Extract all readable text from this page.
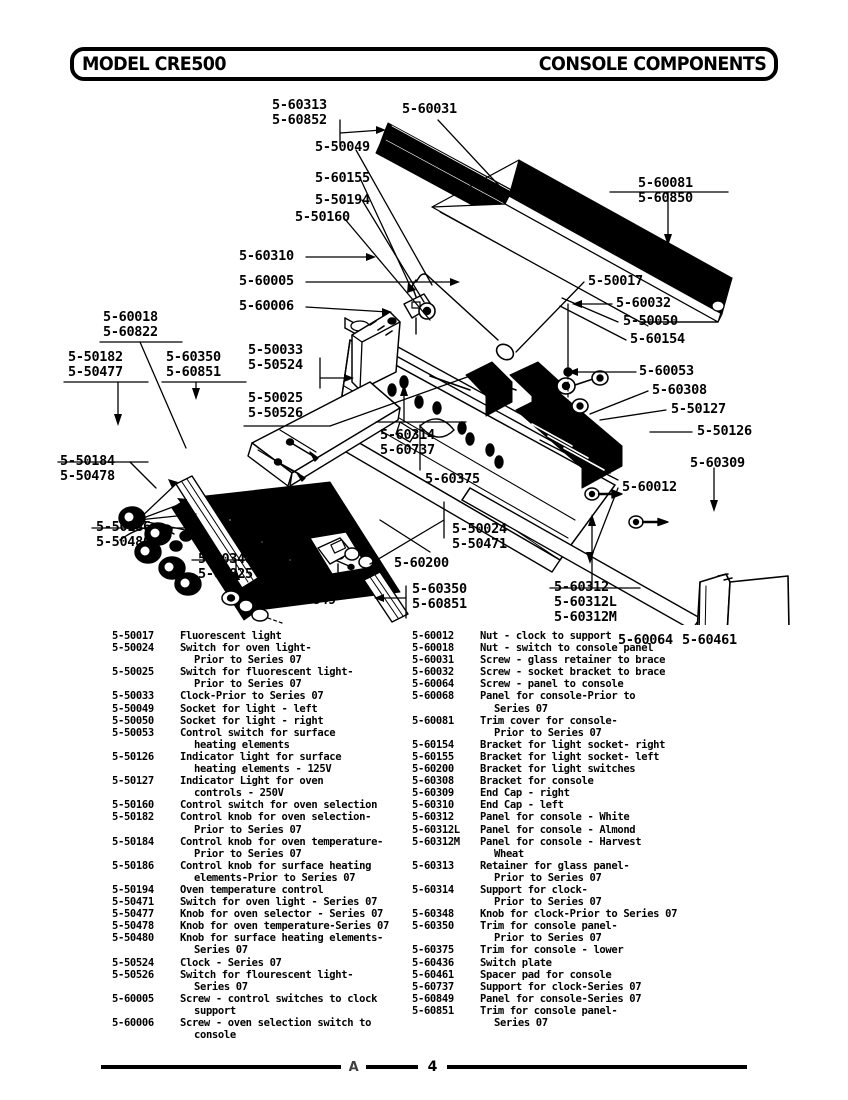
MODEL CRE500	CONSOLE COMPONENTS
5-60313
5-60852
5-60031
5-50049
5-60155
5-50194
5-50160
5-60081
5-60850
5-60310
5-60005
5-60006
5-50017
5-60032
5-50050
5-60154
5-60018
5-60822
5-50182
5-50477
5-60350
5-60851
5-50033
5-50524
5-50025
5-50526
5-60053
5-60308
5-50127
5-50126
5-50184
5-50478
5-60314
5-60737
5-60375
5-60309
5-60012
5-50186
5-50480
5-50024
5-50471
5-60348
5-60825
5-60200
5-60068
5-60849
5-60350
5-60851
5-60312
5-60312L
5-60312M
5-60064 5-60461
5-50017	Fluorescent light
5-50024	Switch for oven light-
Prior to Series 07
5-50025	Switch for fluorescent light-
Prior to Series 07
5-50033	Clock-Prior to Series 07
5-50049	Socket for light - left
5-50050	Socket for light - right
5-50053	Control switch for surface
heating elements
5-50126	Indicator light for surface
heating elements - 125V
5-50127	Indicator Light for oven
controls - 250V
5-50160	Control switch for oven selection
5-50182	Control knob for oven selection-
Prior to Series 07
5-50184	Control knob for oven temperature-
Prior to Series 07
5-50186	Control knob for surface heating
elements-Prior to Series 07
5-50194	Oven temperature control
5-50471	Switch for oven light - Series 07
5-50477	Knob for oven selector - Series 07
5-50478	Knob for oven temperature-Series 07
5-50480	Knob for surface heating elements-
Series 07
5-50524	Clock - Series 07
5-50526	Switch for flourescent light-
Series 07
5-60005	Screw - control switches to clock
support
5-60006	Screw - oven selection switch to
console
5-60012	Nut - clock to support
5-60018	Nut - switch to console panel
5-60031	Screw - glass retainer to brace
5-60032	Screw - socket bracket to brace
5-60064	Screw - panel to console
5-60068	Panel for console-Prior to
Series 07
5-60081	Trim cover for console-
Prior to Series 07
5-60154	Bracket for light socket- right
5-60155	Bracket for light socket- left
5-60200	Bracket for light switches
5-60308	Bracket for console
5-60309	End Cap - right
5-60310	End Cap - left
5-60312	Panel for console - White
5-60312L	Panel for console - Almond
5-60312M	Panel for console - Harvest
Wheat
5-60313	Retainer for glass panel-
Prior to Series 07
5-60314	Support for clock-
Prior to Series 07
5-60348	Knob for clock-Prior to Series 07
5-60350	Trim for console panel-
Prior to Series 07
5-60375	Trim for console - lower
5-60436	Switch plate
5-60461	Spacer pad for console
5-60737	Support for clock-Series 07
5-60849	Panel for console-Series 07
5-60851	Trim for console panel-
Series 07
A	4
